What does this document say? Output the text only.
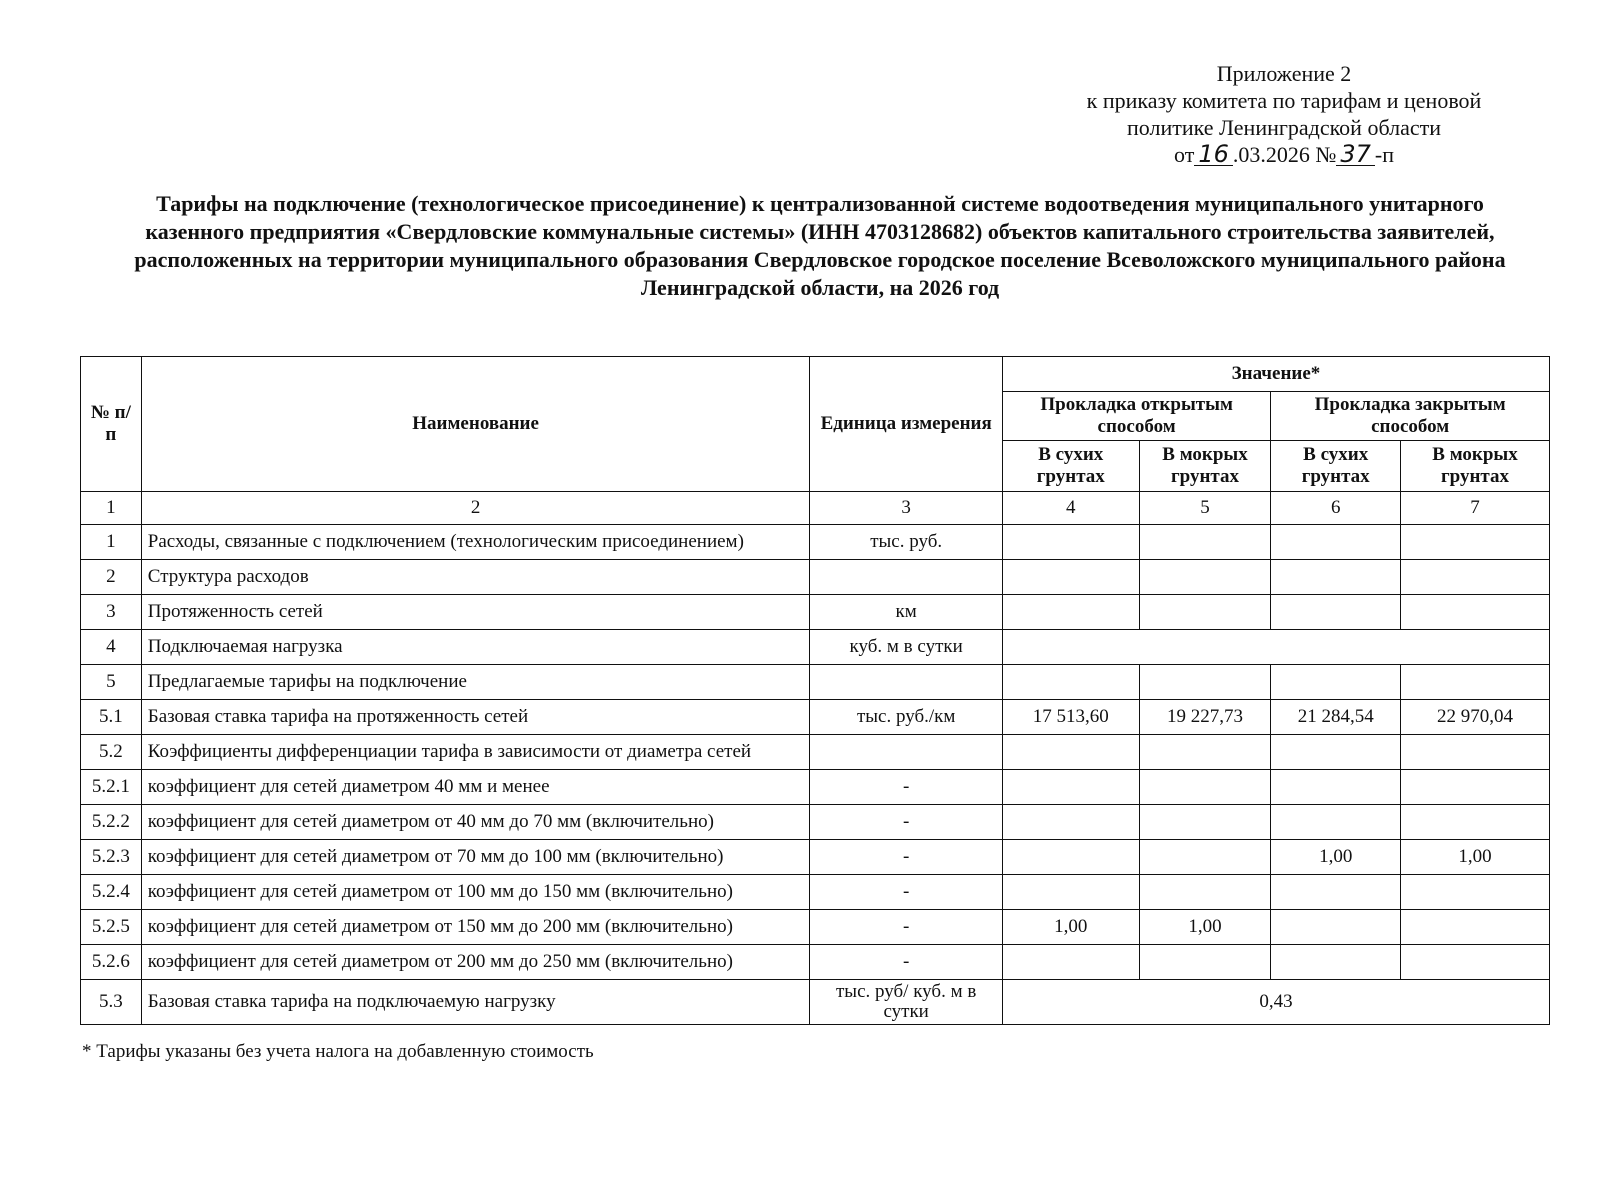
Приложение 2
к приказу комитета по тарифам и ценовой
политике Ленинградской области
от 16 .03.2026 № 37 -п
Тарифы на подключение (технологическое присоединение) к централизованной системе водоотведения муниципального унитарного
казенного предприятия «Свердловские коммунальные системы» (ИНН 4703128682) объектов капитального строительства заявителей,
расположенных на территории муниципального образования Свердловское городское поселение Всеволожского муниципального района
Ленинградской области, на 2026 год
№ п/п	Наименование	Единица измерения	Значение*			
			Прокладка открытым способом		Прокладка закрытым способом	
			В сухих грунтах	В мокрых грунтах	В сухих грунтах	В мокрых грунтах
1	2	3	4	5	6	7
1	Расходы, связанные с подключением (технологическим присоединением)	тыс. руб.				
2	Структура расходов					
3	Протяженность сетей	км				
4	Подключаемая нагрузка	куб. м в сутки				
5	Предлагаемые тарифы на подключение					
5.1	Базовая ставка тарифа на протяженность сетей	тыс. руб./км	17 513,60	19 227,73	21 284,54	22 970,04
5.2	Коэффициенты дифференциации тарифа в зависимости от диаметра сетей					
5.2.1	коэффициент для сетей диаметром 40 мм и менее	-				
5.2.2	коэффициент для сетей диаметром от 40 мм до 70 мм (включительно)	-				
5.2.3	коэффициент для сетей диаметром от 70 мм до 100 мм (включительно)	-			1,00	1,00
5.2.4	коэффициент для сетей диаметром от 100 мм до 150 мм (включительно)	-				
5.2.5	коэффициент для сетей диаметром от 150 мм до 200 мм (включительно)	-	1,00	1,00		
5.2.6	коэффициент для сетей диаметром от 200 мм до 250 мм (включительно)	-				
5.3	Базовая ставка тарифа на подключаемую нагрузку	тыс. руб/ куб. м в сутки	0,43			
* Тарифы указаны без учета налога на добавленную стоимость
